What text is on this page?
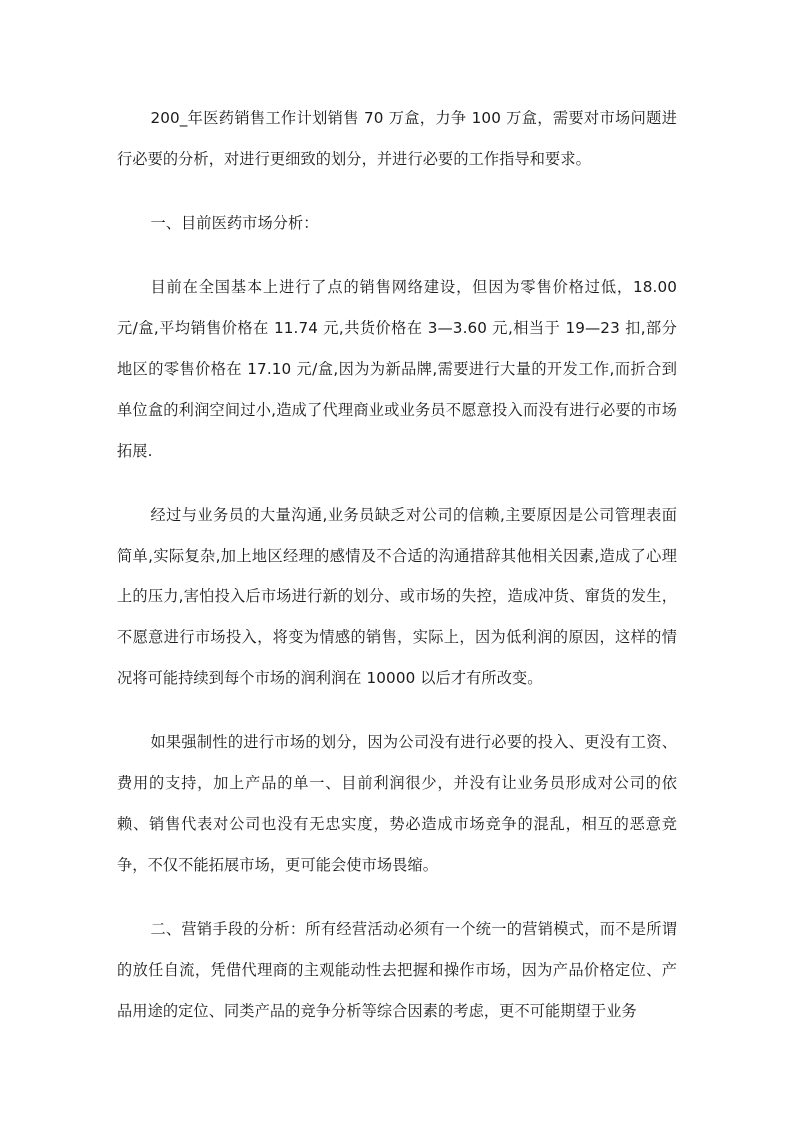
200_年医药销售工作计划销售 70 万盒，力争 100 万盒，需要对市场问题进行必要的分析，对进行更细致的划分，并进行必要的工作指导和要求。

一、目前医药市场分析：

目前在全国基本上进行了点的销售网络建设，但因为零售价格过低，18.00 元/盒,平均销售价格在 11.74 元,共货价格在 3—3.60 元,相当于 19—23 扣,部分地区的零售价格在 17.10 元/盒,因为为新品牌,需要进行大量的开发工作,而折合到单位盒的利润空间过小,造成了代理商业或业务员不愿意投入而没有进行必要的市场拓展.

经过与业务员的大量沟通,业务员缺乏对公司的信赖,主要原因是公司管理表面简单,实际复杂,加上地区经理的感情及不合适的沟通措辞其他相关因素,造成了心理上的压力,害怕投入后市场进行新的划分、或市场的失控，造成冲货、窜货的发生，不愿意进行市场投入，将变为情感的销售，实际上，因为低利润的原因，这样的情况将可能持续到每个市场的润利润在 10000 以后才有所改变。

如果强制性的进行市场的划分，因为公司没有进行必要的投入、更没有工资、费用的支持，加上产品的单一、目前利润很少，并没有让业务员形成对公司的依赖、销售代表对公司也没有无忠实度，势必造成市场竞争的混乱，相互的恶意竞争，不仅不能拓展市场，更可能会使市场畏缩。

二、营销手段的分析：所有经营活动必须有一个统一的营销模式，而不是所谓的放任自流，凭借代理商的主观能动性去把握和操作市场，因为产品价格定位、产品用途的定位、同类产品的竞争分析等综合因素的考虑，更不可能期望于业务
